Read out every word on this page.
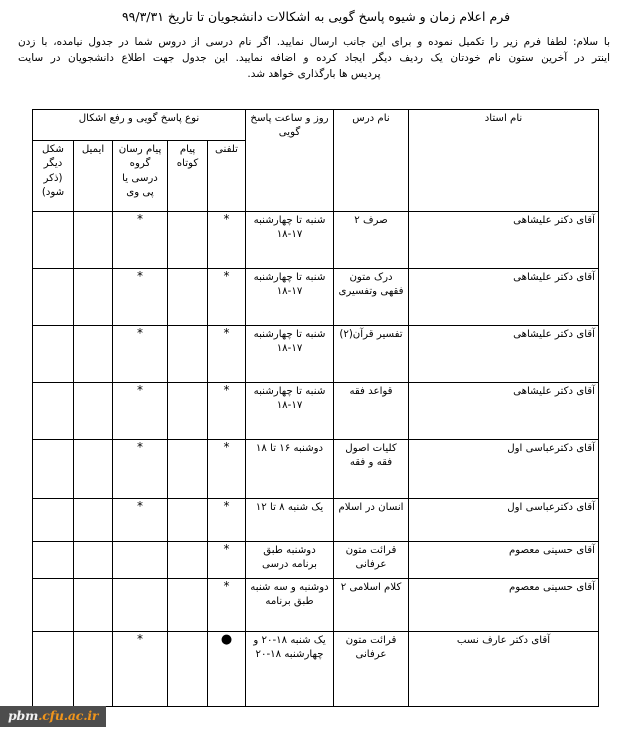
فرم اعلام زمان و شیوه پاسخ گویی به اشکالات دانشجویان تا تاریخ ۹۹/۳/۳۱
با سلام: لطفا فرم زیر را تکمیل نموده و برای این جانب ارسال نمایید. اگر نام درسی از دروس شما در جدول نیامده، با زدن
اینتر در آخرین ستون نام خودتان یک ردیف دیگر ایجاد کرده و اضافه نمایید. این جدول جهت اطلاع دانشجویان در سایت
پردیس ها بارگذاری خواهد شد.
نام استاد	نام درس	روز و ساعت پاسخ گویی	نوع پاسخ گویی و رفع اشکال				
			تلفنی	پیام کوتاه	پیام رسان گروه درسی یا پی وی	ایمیل	شکل دیگر (ذکر شود)
آقای دکتر علیشاهی	صرف ۲	شنبه تا چهارشنبه ۱۷-۱۸	*		*		
آقای دکتر علیشاهی	درک متون فقهی وتفسیری	شنبه تا چهارشنبه ۱۷-۱۸	*		*		
آقای دکتر علیشاهی	تفسیر قرآن(۲)	شنبه تا چهارشنبه ۱۷-۱۸	*		*		
آقای دکتر علیشاهی	قواعد فقه	شنبه تا چهارشنبه ۱۷-۱۸	*		*		
آقای دکترعباسی اول	کلیات اصول فقه و فقه	دوشنبه ۱۶ تا ۱۸	*		*		
آقای دکترعباسی اول	انسان در اسلام	یک شنبه ۸ تا ۱۲	*		*		
آقای حسینی معصوم	قرائت متون عرفانی	دوشنبه طبق برنامه درسی	*				
آقای حسینی معصوم	کلام اسلامی ۲	دوشنبه و سه شنبه طبق برنامه	*				
آقای دکتر عارف نسب	قرائت متون عرفانی	یک شنبه ۱۸-۲۰ و چهارشنبه ۱۸-۲۰	●		*		
pbm.cfu.ac.ir
